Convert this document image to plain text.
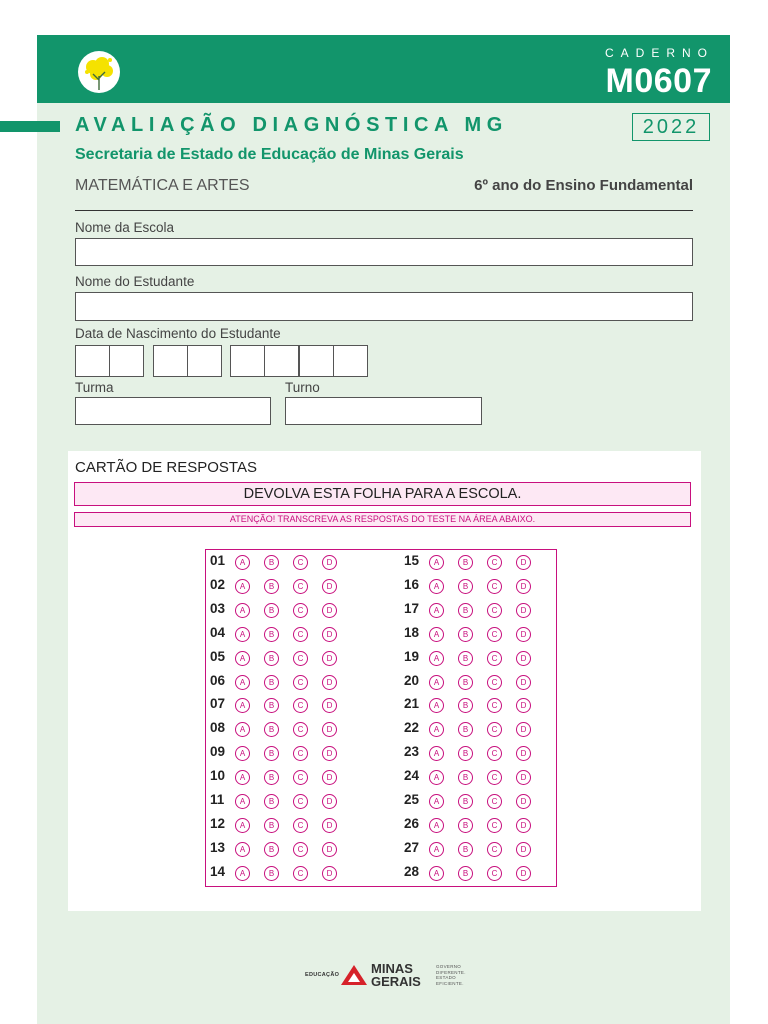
CADERNO
M0607
AVALIAÇÃO DIAGNÓSTICA MG	2022
Secretaria de Estado de Educação de Minas Gerais
MATEMÁTICA E ARTES	6º ano do Ensino Fundamental
Nome da Escola
Nome do Estudante
Data de Nascimento do Estudante
Turma	Turno
CARTÃO DE RESPOSTAS
DEVOLVA ESTA FOLHA PARA A ESCOLA.
ATENÇÃO! TRANSCREVA AS RESPOSTAS DO TESTE NA ÁREA ABAIXO.
01	A	B	C	D
02	A	B	C	D
03	A	B	C	D
04	A	B	C	D
05	A	B	C	D
06	A	B	C	D
07	A	B	C	D
08	A	B	C	D
09	A	B	C	D
10	A	B	C	D
11	A	B	C	D
12	A	B	C	D
13	A	B	C	D
14	A	B	C	D
15	A	B	C	D
16	A	B	C	D
17	A	B	C	D
18	A	B	C	D
19	A	B	C	D
20	A	B	C	D
21	A	B	C	D
22	A	B	C	D
23	A	B	C	D
24	A	B	C	D
25	A	B	C	D
26	A	B	C	D
27	A	B	C	D
28	A	B	C	D
EDUCAÇÃO MINAS
GERAIS
GOVERNO
DIFERENTE.
ESTADO
EFICIENTE.
